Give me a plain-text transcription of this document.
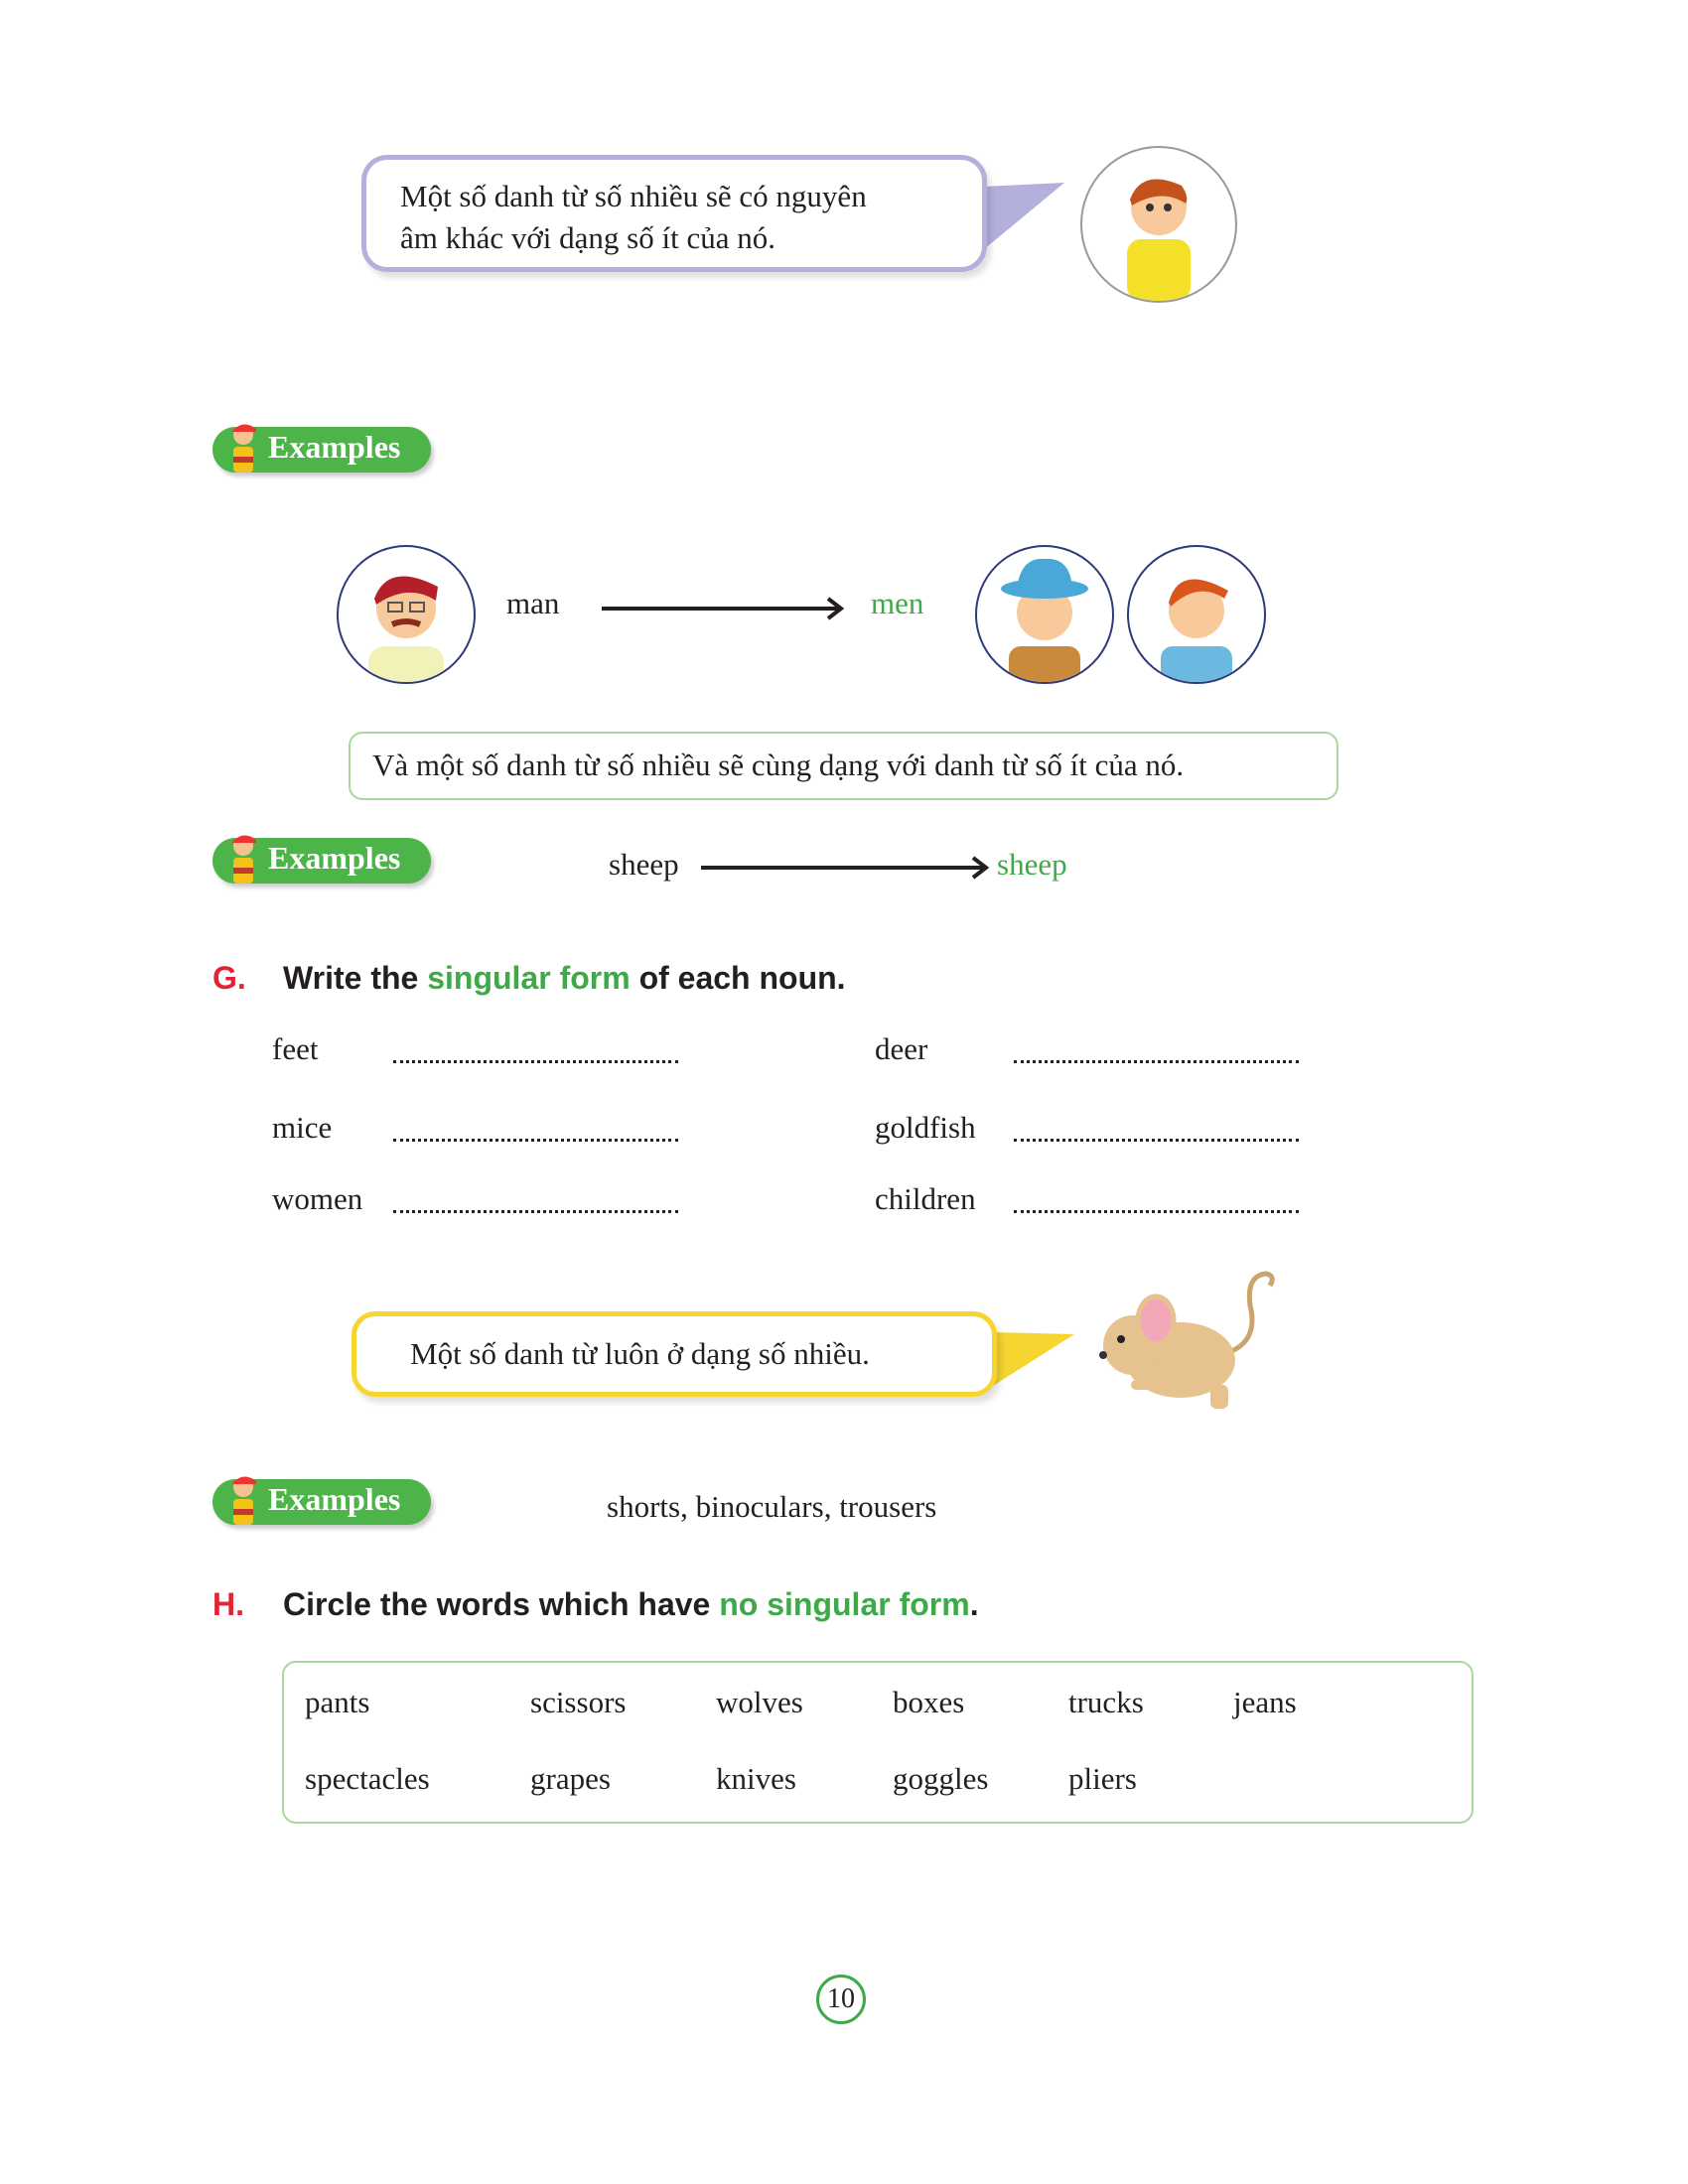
Một số danh từ số nhiều sẽ có nguyên
âm khác với dạng số ít của nó.
Examples
man	men
Và một số danh từ số nhiều sẽ cùng dạng với danh từ số ít của nó.
Examples	sheep	sheep
G. Write the singular form of each noun.
feet	deer
mice	goldfish
women	children
Một số danh từ luôn ở dạng số nhiều.
Examples	shorts, binoculars, trousers
H. Circle the words which have no singular form.
pants	scissors	wolves	boxes	trucks	jeans
spectacles	grapes	knives	goggles	pliers
10
